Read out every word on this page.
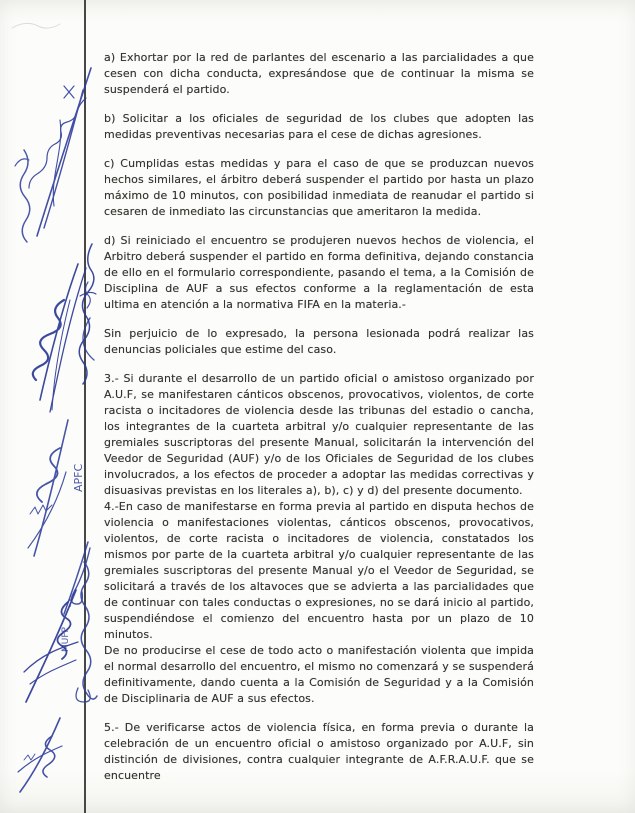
APFC
MUFP

a) Exhortar por la red de parlantes del escenario a las parcialidades a que cesen con dicha conducta, expresándose que de continuar la misma se suspenderá el partido.

b) Solicitar a los oficiales de seguridad de los clubes que adopten las medidas preventivas necesarias para el cese de dichas agresiones.

c) Cumplidas estas medidas y para el caso de que se produzcan nuevos hechos similares, el árbitro deberá suspender el partido por hasta un plazo máximo de 10 minutos, con posibilidad inmediata de reanudar el partido si cesaren de inmediato las circunstancias que ameritaron la medida.

d) Si reiniciado el encuentro se produjeren nuevos hechos de violencia, el Arbitro deberá suspender el partido en forma definitiva, dejando constancia de ello en el formulario correspondiente, pasando el tema, a la Comisión de Disciplina de AUF a sus efectos conforme a la reglamentación de esta ultima en atención a la normativa FIFA en la materia.-

Sin perjuicio de lo expresado, la persona lesionada podrá realizar las denuncias policiales que estime del caso.

3.- Si durante el desarrollo de un partido oficial o amistoso organizado por A.U.F, se manifestaren cánticos obscenos, provocativos, violentos, de corte racista o incitadores de violencia desde las tribunas del estadio o cancha, los integrantes de la cuarteta arbitral y/o cualquier representante de las gremiales suscriptoras del presente Manual, solicitarán la intervención del Veedor de Seguridad (AUF) y/o de los Oficiales de Seguridad de los clubes involucrados, a los efectos de proceder a adoptar las medidas correctivas y disuasivas previstas en los literales a), b), c) y d) del presente documento.

4.-En caso de manifestarse en forma previa al partido en disputa hechos de violencia o manifestaciones violentas, cánticos obscenos, provocativos, violentos, de corte racista o incitadores de violencia, constatados los mismos por parte de la cuarteta arbitral y/o cualquier representante de las gremiales suscriptoras del presente Manual y/o el Veedor de Seguridad, se solicitará a través de los altavoces que se advierta a las parcialidades que de continuar con tales conductas o expresiones, no se dará inicio al partido, suspendiéndose el comienzo del encuentro hasta por un plazo de 10 minutos.

De no producirse el cese de todo acto o manifestación violenta que impida el normal desarrollo del encuentro, el mismo no comenzará y se suspenderá definitivamente, dando cuenta a la Comisión de Seguridad y a la Comisión de Disciplinaria de AUF a sus efectos.

5.- De verificarse actos de violencia física, en forma previa o durante la celebración de un encuentro oficial o amistoso organizado por A.U.F, sin distinción de divisiones, contra cualquier integrante de A.F.R.A.U.F. que se encuentre
